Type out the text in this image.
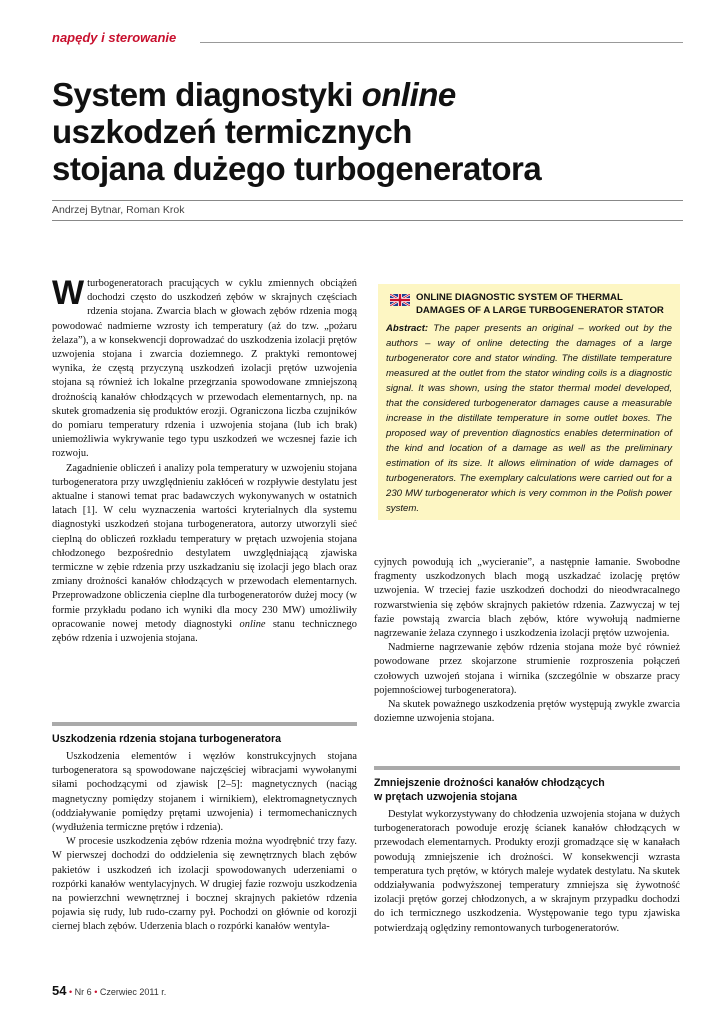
napędy i sterowanie
System diagnostyki online
uszkodzeń termicznych
stojana dużego turbogeneratora
Andrzej Bytnar, Roman Krok

Wturbogeneratorach pracujących w cyklu zmiennych obciążeń dochodzi często do uszkodzeń zębów w skrajnych częściach rdzenia stojana. Zwarcia blach w głowach zębów rdzenia mogą powodować nadmierne wzrosty ich temperatury (aż do tzw. „pożaru żelaza”), a w konsekwencji doprowadzać do uszkodzenia izolacji prętów uzwojenia stojana i zwarcia doziemnego. Z praktyki remontowej wynika, że częstą przyczyną uszkodzeń izolacji prętów uzwojenia stojana są również ich lokalne przegrzania spowodowane zmniejszoną drożnością kanałów chłodzących w przewodach elementarnych, np. na skutek gromadzenia się produktów erozji. Ograniczona liczba czujników do pomiaru temperatury rdzenia i uzwojenia stojana (lub ich brak) uniemożliwia wykrywanie tego typu uszkodzeń we wczesnej fazie ich rozwoju.

Zagadnienie obliczeń i analizy pola temperatury w uzwojeniu stojana turbogeneratora przy uwzględnieniu zakłóceń w rozpływie destylatu jest aktualne i stanowi temat prac badawczych wykonywanych w ostatnich latach [1]. W celu wyznaczenia wartości kryterialnych dla systemu diagnostyki uszkodzeń stojana turbogeneratora, autorzy utworzyli sieć cieplną do obliczeń rozkładu temperatury w prętach uzwojenia stojana chłodzonego bezpośrednio destylatem uwzględniającą zjawiska termiczne w zębie rdzenia przy uszkadzaniu się izolacji jego blach oraz zmiany drożności kanałów chłodzących w przewodach elementarnych. Przeprowadzone obliczenia cieplne dla turbogeneratorów dużej mocy (w formie przykładu podano ich wyniki dla mocy 230 MW) umożliwiły opracowanie nowej metody diagnostyki online stanu technicznego zębów rdzenia i uzwojenia stojana.

Uszkodzenia rdzenia stojana turbogeneratora

Uszkodzenia elementów i węzłów konstrukcyjnych stojana turbogeneratora są spowodowane najczęściej wibracjami wywołanymi siłami pochodzącymi od zjawisk [2–5]: magnetycznych (naciąg magnetyczny pomiędzy stojanem i wirnikiem), elektromagnetycznych (oddziaływanie pomiędzy prętami uzwojenia) i termomechanicznych (wydłużenia termiczne prętów i rdzenia).

W procesie uszkodzenia zębów rdzenia można wyodrębnić trzy fazy. W pierwszej dochodzi do oddzielenia się zewnętrznych blach zębów pakietów i uszkodzeń ich izolacji spowodowanych uderzeniami o rozpórki kanałów wentylacyjnych. W drugiej fazie rozwoju uszkodzenia na powierzchni wewnętrznej i bocznej skrajnych pakietów rdzenia pojawia się rudy, lub rudo-czarny pył. Pochodzi on głównie od korozji ciernej blach zębów. Uderzenia blach o rozpórki kanałów wentyla-

ONLINE DIAGNOSTIC SYSTEM OF THERMAL DAMAGES OF A LARGE TURBOGENERATOR STATOR
Abstract: The paper presents an original – worked out by the authors – way of online detecting the damages of a large turbogenerator core and stator winding. The distillate temperature measured at the outlet from the stator winding coils is a diagnostic signal. It was shown, using the stator thermal model developed, that the considered turbogenerator damages cause a measurable increase in the distillate temperature in some outlet boxes. The proposed way of prevention diagnostics enables determination of the kind and location of a damage as well as the preliminary estimation of its size. It allows elimination of wide damages of turbogenerators. The exemplary calculations were carried out for a 230 MW turbogenerator which is very common in the Polish power system.

cyjnych powodują ich „wycieranie”, a następnie łamanie. Swobodne fragmenty uszkodzonych blach mogą uszkadzać izolację prętów uzwojenia. W trzeciej fazie uszkodzeń dochodzi do nieodwracalnego rozwarstwienia się zębów skrajnych pakietów rdzenia. Zazwyczaj w tej fazie powstają zwarcia blach zębów, które wywołują nadmierne nagrzewanie żelaza czynnego i uszkodzenia izolacji prętów uzwojenia.

Nadmierne nagrzewanie zębów rdzenia stojana może być również powodowane przez skojarzone strumienie rozproszenia połączeń czołowych uzwojeń stojana i wirnika (szczególnie w obszarze pracy pojemnościowej turbogeneratora).

Na skutek poważnego uszkodzenia prętów występują zwykle zwarcia doziemne uzwojenia stojana.

Zmniejszenie drożności kanałów chłodzących
w prętach uzwojenia stojana

Destylat wykorzystywany do chłodzenia uzwojenia stojana w dużych turbogeneratorach powoduje erozję ścianek kanałów chłodzących w przewodach elementarnych. Produkty erozji gromadzące się w kanałach powodują zmniejszenie ich drożności. W konsekwencji wzrasta temperatura tych prętów, w których maleje wydatek destylatu. Na skutek oddziaływania podwyższonej temperatury zmniejsza się żywotność izolacji prętów gorzej chłodzonych, a w skrajnym przypadku dochodzi do ich termicznego uszkodzenia. Występowanie tego typu zjawiska potwierdzają oględziny remontowanych turbogeneratorów.

54 • Nr 6 • Czerwiec 2011 r.
